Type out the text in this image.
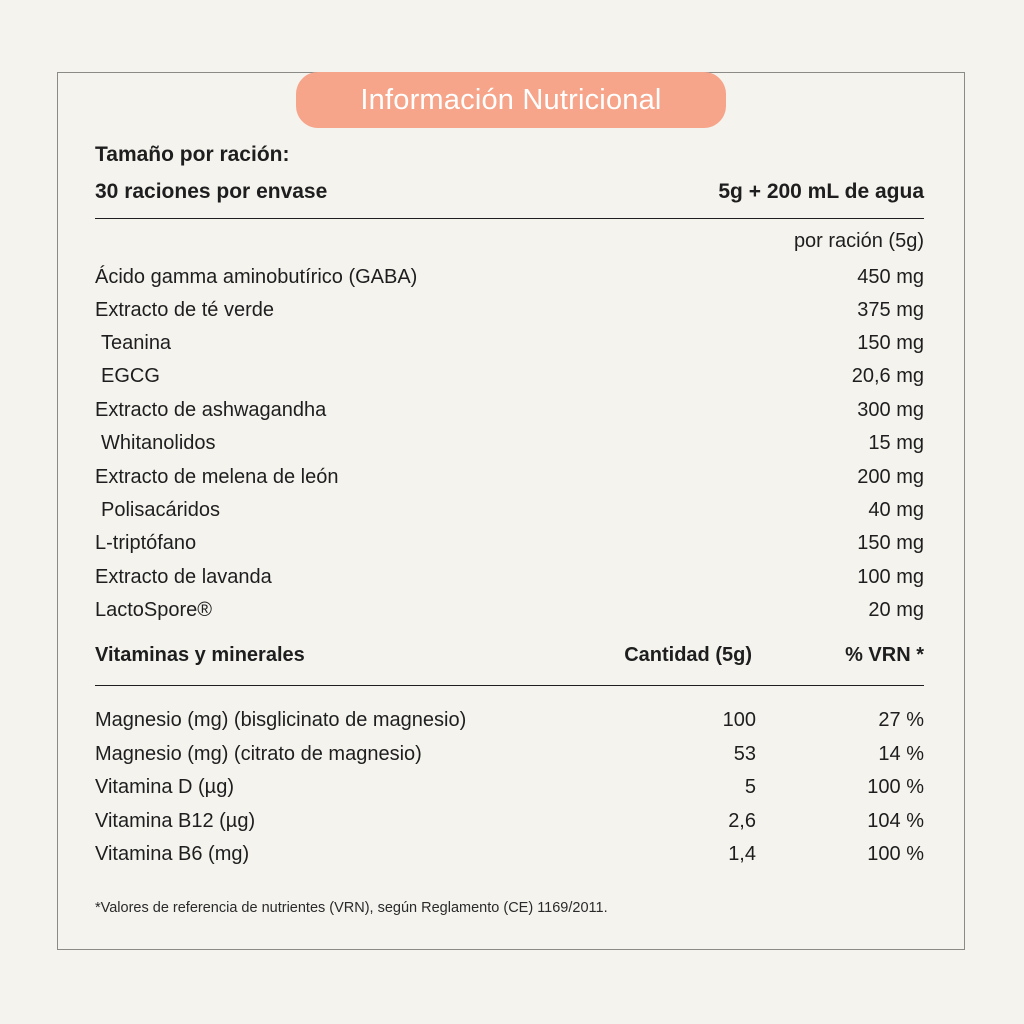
Información Nutricional
Tamaño por ración:
30 raciones por envase	5g + 200 mL de agua
por ración (5g)
Ácido gamma aminobutírico (GABA)	450 mg
Extracto de té verde	375 mg
Teanina	150 mg
EGCG	20,6 mg
Extracto de ashwagandha	300 mg
Whitanolidos	15 mg
Extracto de melena de león	200 mg
Polisacáridos	40 mg
L-triptófano	150 mg
Extracto de lavanda	100 mg
LactoSpore®	20 mg
Vitaminas y minerales	Cantidad (5g)	% VRN *
Magnesio (mg) (bisglicinato de magnesio)	100	27 %
Magnesio (mg) (citrato de magnesio)	53	14 %
Vitamina D (µg)	5	100 %
Vitamina B12 (µg)	2,6	104 %
Vitamina B6 (mg)	1,4	100 %
*Valores de referencia de nutrientes (VRN), según Reglamento (CE) 1169/2011.
